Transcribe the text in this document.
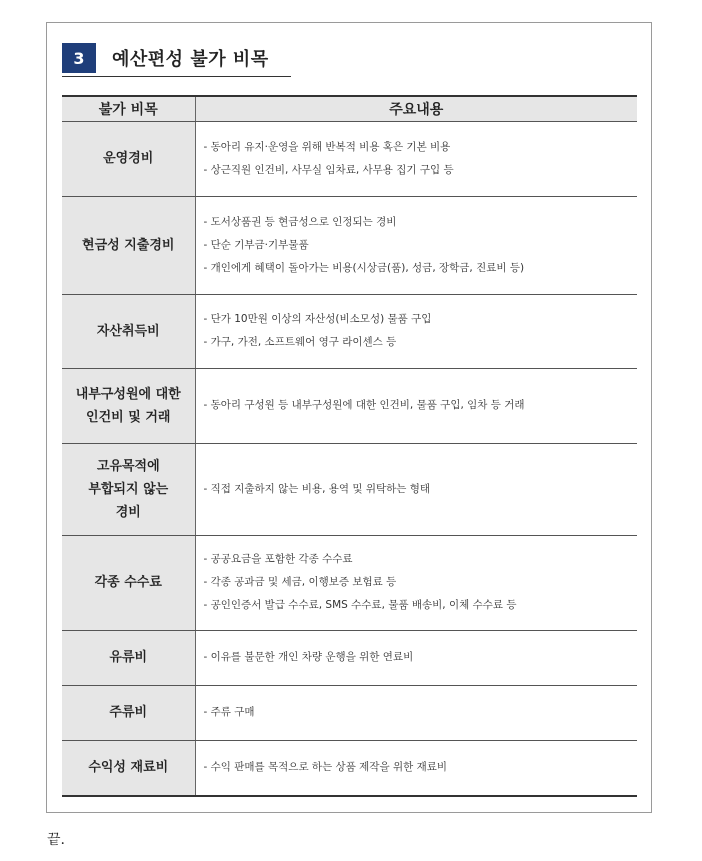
3	예산편성 불가 비목
불가 비목	주요내용

운영경비	- 동아리 유지·운영을 위해 반복적 비용 혹은 기본 비용
- 상근직원 인건비, 사무실 임차료, 사무용 집기 구입 등

현금성 지출경비	- 도서상품권 등 현금성으로 인정되는 경비
- 단순 기부금·기부물품
- 개인에게 혜택이 돌아가는 비용(시상금(품), 성금, 장학금, 진료비 등)

자산취득비	- 단가 10만원 이상의 자산성(비소모성) 물품 구입
- 가구, 가전, 소프트웨어 영구 라이센스 등

내부구성원에 대한
인건비 및 거래	- 동아리 구성원 등 내부구성원에 대한 인건비, 물품 구입, 임차 등 거래

고유목적에
부합되지 않는
경비	- 직접 지출하지 않는 비용, 용역 및 위탁하는 형태

각종 수수료	- 공공요금을 포함한 각종 수수료
- 각종 공과금 및 세금, 이행보증 보험료 등
- 공인인증서 발급 수수료, SMS 수수료, 물품 배송비, 이체 수수료 등

유류비	- 이유를 불문한 개인 차량 운행을 위한 연료비

주류비	- 주류 구매

수익성 재료비	- 수익 판매를 목적으로 하는 상품 제작을 위한 재료비
끝.
